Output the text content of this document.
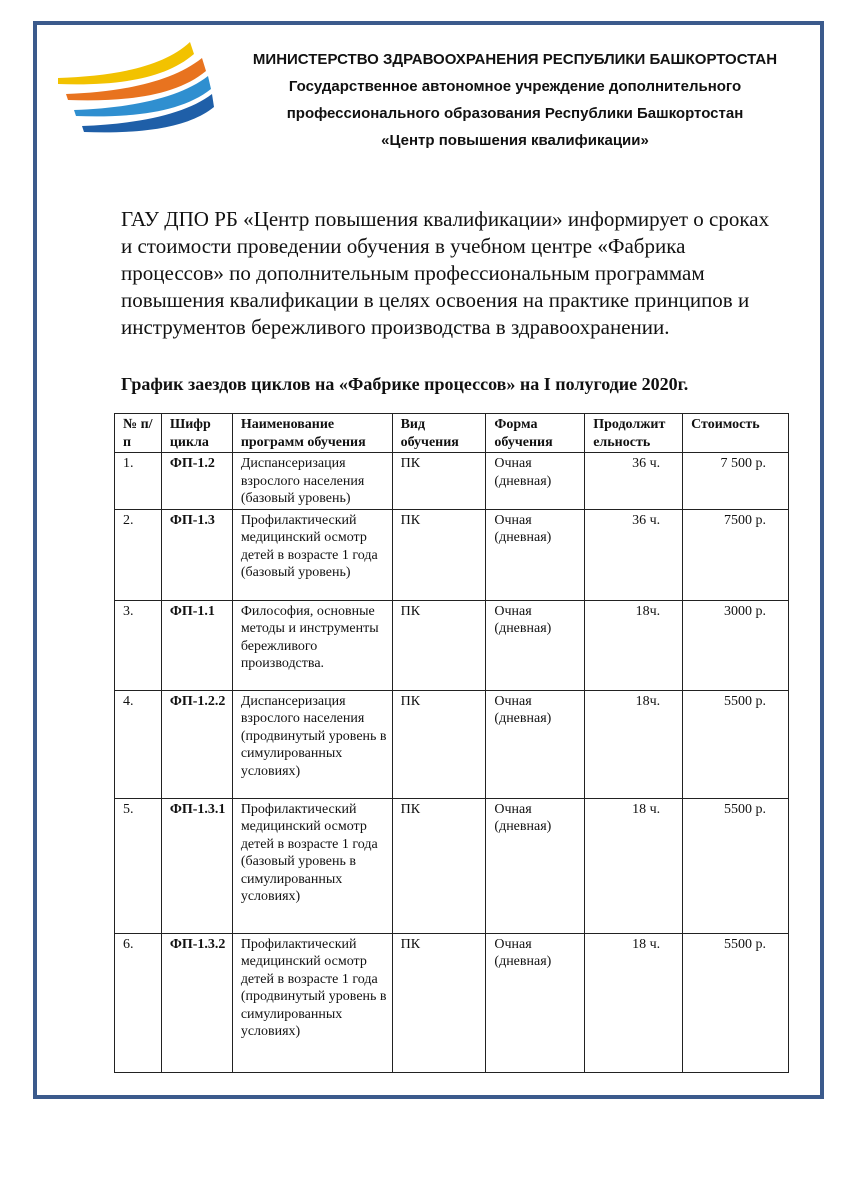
МИНИСТЕРСТВО ЗДРАВООХРАНЕНИЯ РЕСПУБЛИКИ БАШКОРТОСТАН
Государственное автономное учреждение дополнительного
профессионального образования Республики Башкортостан
«Центр повышения квалификации»
ГАУ ДПО РБ «Центр повышения квалификации» информирует о сроках и стоимости проведении обучения в учебном центре «Фабрика процессов» по дополнительным профессиональным программам повышения квалификации в целях освоения на практике принципов и инструментов бережливого производства в здравоохранении.
График заездов циклов на «Фабрике процессов» на I полугодие 2020г.
№ п/п	Шифр цикла	Наименование программ обучения	Вид обучения	Форма обучения	Продолжит ельность	Стоимость
1.	ФП-1.2	Диспансеризация взрослого населения (базовый уровень)	ПК	Очная (дневная)	36 ч.	7 500 р.
2.	ФП-1.3	Профилактический медицинский осмотр детей в возрасте 1 года (базовый уровень)	ПК	Очная (дневная)	36 ч.	7500 р.
3.	ФП-1.1	Философия, основные методы и инструменты бережливого производства.	ПК	Очная (дневная)	18ч.	3000 р.
4.	ФП-1.2.2	Диспансеризация взрослого населения (продвинутый уровень в симулированных условиях)	ПК	Очная (дневная)	18ч.	5500 р.
5.	ФП-1.3.1	Профилактический медицинский осмотр детей в возрасте 1 года (базовый уровень в симулированных условиях)	ПК	Очная (дневная)	18 ч.	5500 р.
6.	ФП-1.3.2	Профилактический медицинский осмотр детей в возрасте 1 года (продвинутый уровень в симулированных условиях)	ПК	Очная (дневная)	18 ч.	5500 р.
